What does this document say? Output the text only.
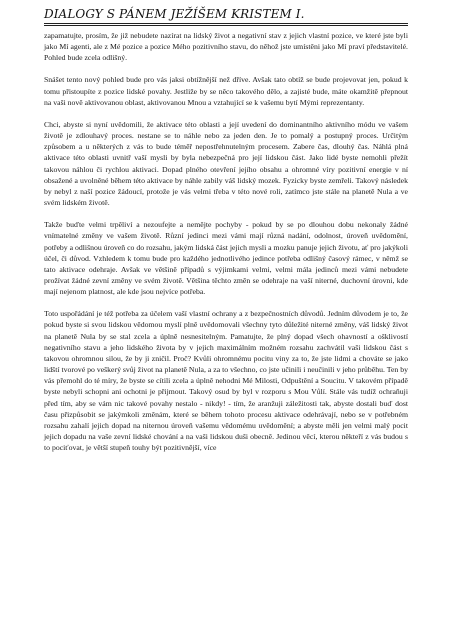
DIALOGY S PÁNEM JEŽÍŠEM KRISTEM I.

zapamatujte, prosím, že již nebudete nazírat na lidský život a negativní stav z jejich vlastní pozice, ve které jste byli jako Mí agenti, ale z Mé pozice a pozice Mého pozitivního stavu, do něhož jste umístěni jako Mí praví představitelé. Pohled bude zcela odlišný.

Snášet tento nový pohled bude pro vás jaksi obtížnější než dříve. Avšak tato obtíž se bude projevovat jen, pokud k tomu přistoupíte z pozice lidské povahy. Jestliže by se něco takového dělo, a zajisté bude, máte okamžitě přepnout na vaši nově aktivovanou oblast, aktivovanou Mnou a vztahující se k vašemu bytí Mými reprezentanty.

Chci, abyste si nyní uvědomili, že aktivace této oblasti a její uvedení do dominantního aktivního módu ve vašem životě je zdlouhavý proces. nestane se to náhle nebo za jeden den. Je to pomalý a postupný proces. Určitým způsobem a u některých z vás to bude téměř nepostřehnutelným procesem. Zabere čas, dlouhý čas. Náhlá plná aktivace této oblasti uvnitř vaší mysli by byla nebezpečná pro její lidskou část. Jako lidé byste nemohli přežít takovou náhlou či rychlou aktivaci. Dopad plného otevření jejího obsahu a ohromné víry pozitivní energie v ní obsažené a uvolněné během této aktivace by náhle zabily váš lidský mozek. Fyzicky byste zemřeli. Takový následek by nebyl z naší pozice žádoucí, protože je vás velmi třeba v této nové roli, zatímco jste stále na planetě Nula a ve svém lidském životě.

Takže buďte velmi trpěliví a nezoufejte a nemějte pochyby - pokud by se po dlouhou dobu nekonaly žádné vnímatelné změny ve vašem životě. Různí jedinci mezi vámi mají různá nadání, odolnost, úroveň uvědomění, potřeby a odlišnou úroveň co do rozsahu, jakým lidská část jejich mysli a mozku panuje jejich životu, ať pro jakýkoli účel, či důvod. Vzhledem k tomu bude pro každého jednotlivého jedince potřeba odlišný časový rámec, v němž se tato aktivace odehraje. Avšak ve většině případů s výjimkami velmi, velmi mála jedinců mezi vámi nebudete prožívat žádné zevní změny ve svém životě. Většina těchto změn se odehraje na vaší niterné, duchovní úrovni, kde mají nejenom platnost, ale kde jsou nejvíce potřeba.

Toto uspořádání je též potřeba za účelem vaší vlastní ochrany a z bezpečnostních důvodů. Jedním důvodem je to, že pokud byste si svou lidskou vědomou myslí plně uvědomovali všechny tyto důležité niterné změny, váš lidský život na planetě Nula by se stal zcela a úplně nesnesitelným. Pamatujte, že plný dopad všech ohavností a ošklivostí negativního stavu a jeho lidského života by v jejich maximálním možném rozsahu zachvátil vaši lidskou část s takovou ohromnou silou, že by ji zničil. Proč? Kvůli ohromnému pocitu viny za to, že jste lidmi a chováte se jako lidští tvorové po veškerý svůj život na planetě Nula, a za to všechno, co jste učinili i neučinili v jeho průběhu. Ten by vás přemohl do té míry, že byste se cítili zcela a úplně nehodni Mé Milosti, Odpuštění a Soucitu. V takovém případě byste nebyli schopni ani ochotni je přijmout. Takový osud by byl v rozporu s Mou Vůlí. Stále vás tudíž ochraňuji před tím, aby se vám nic takové povahy nestalo - nikdy! - tím, že aranžuji záležitosti tak, abyste dostali buď dost času přizpůsobit se jakýmkoli změnám, které se během tohoto procesu aktivace odehrávají, nebo se v potřebném rozsahu zahalí jejich dopad na niternou úroveň vašemu vědomému uvědomění; a abyste měli jen velmi malý pocit jejich dopadu na vaše zevní lidské chování a na vaši lidskou duši obecně. Jedinou věcí, kterou někteří z vás budou s to pociťovat, je větší stupeň touhy být pozitivnější, více
